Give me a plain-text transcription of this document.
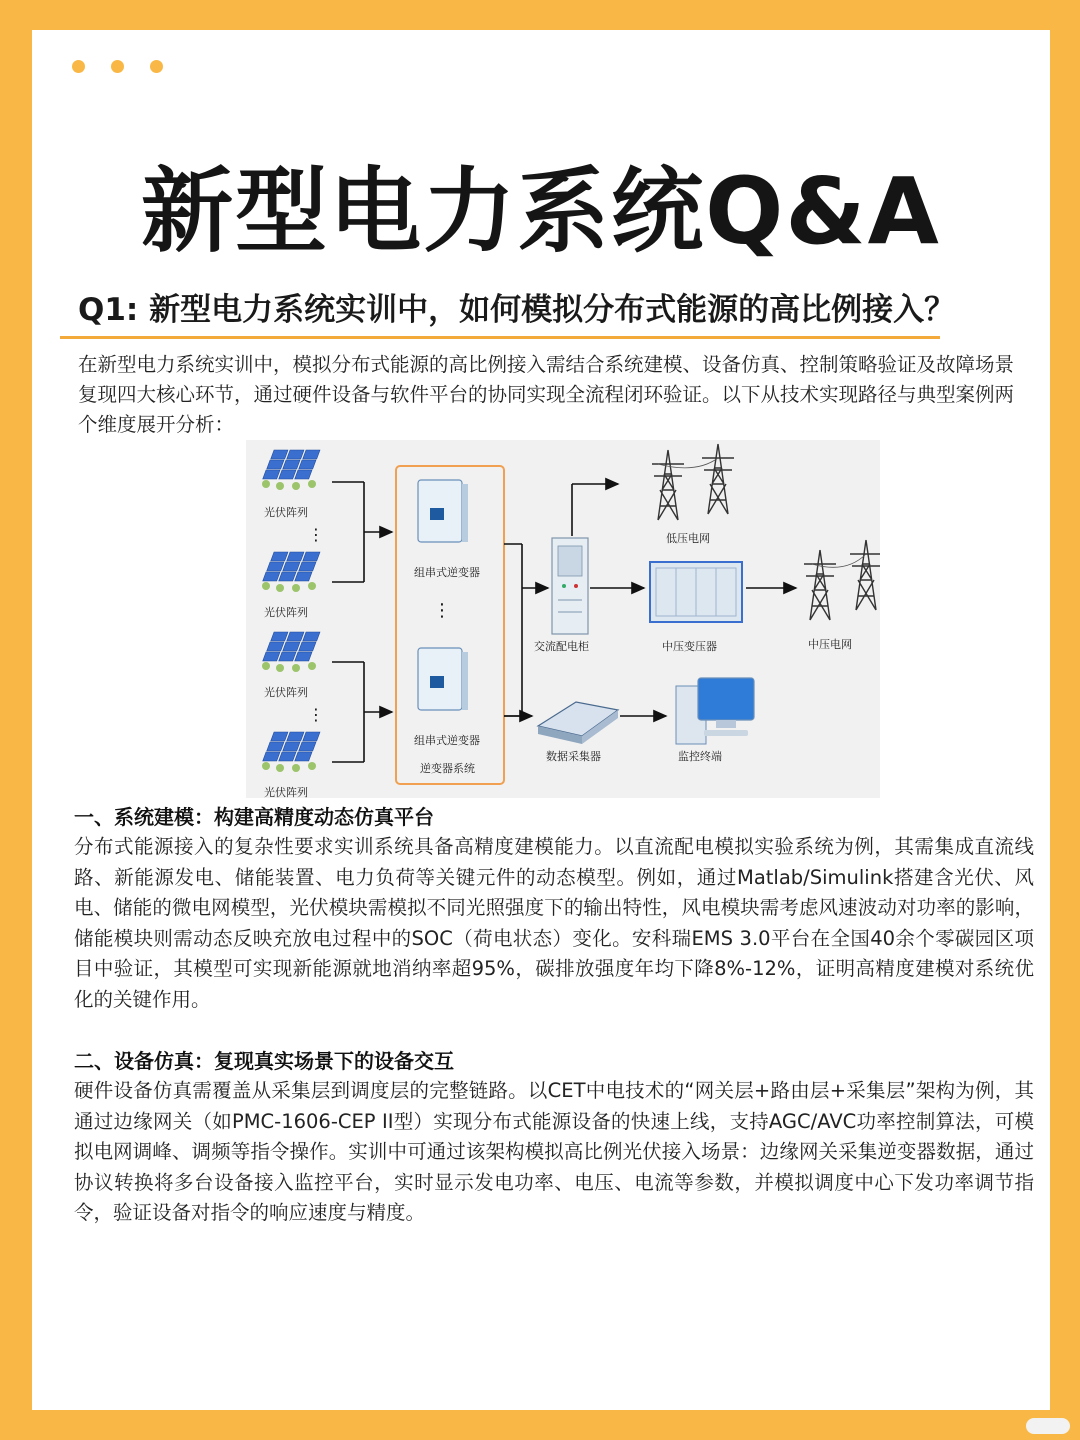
新型电力系统Q&A
Q1: 新型电力系统实训中，如何模拟分布式能源的高比例接入？
在新型电力系统实训中，模拟分布式能源的高比例接入需结合系统建模、设备仿真、控制策略验证及故障场景复现四大核心环节，通过硬件设备与软件平台的协同实现全流程闭环验证。以下从技术实现路径与典型案例两个维度展开分析：
⋮
⋮
⋮
光伏阵列
光伏阵列
光伏阵列
光伏阵列
组串式逆变器
组串式逆变器
逆变器系统
交流配电柜
低压电网
中压变压器	中压电网
数据采集器	监控终端
一、系统建模：构建高精度动态仿真平台
分布式能源接入的复杂性要求实训系统具备高精度建模能力。以直流配电模拟实验系统为例，其需集成直流线路、新能源发电、储能装置、电力负荷等关键元件的动态模型。例如，通过Matlab/Simulink搭建含光伏、风电、储能的微电网模型，光伏模块需模拟不同光照强度下的输出特性，风电模块需考虑风速波动对功率的影响，储能模块则需动态反映充放电过程中的SOC（荷电状态）变化。安科瑞EMS 3.0平台在全国40余个零碳园区项目中验证，其模型可实现新能源就地消纳率超95%，碳排放强度年均下降8%-12%，证明高精度建模对系统优化的关键作用。
二、设备仿真：复现真实场景下的设备交互
硬件设备仿真需覆盖从采集层到调度层的完整链路。以CET中电技术的“网关层+路由层+采集层”架构为例，其通过边缘网关（如PMC-1606-CEP II型）实现分布式能源设备的快速上线，支持AGC/AVC功率控制算法，可模拟电网调峰、调频等指令操作。实训中可通过该架构模拟高比例光伏接入场景：边缘网关采集逆变器数据，通过协议转换将多台设备接入监控平台，实时显示发电功率、电压、电流等参数，并模拟调度中心下发功率调节指令，验证设备对指令的响应速度与精度。
